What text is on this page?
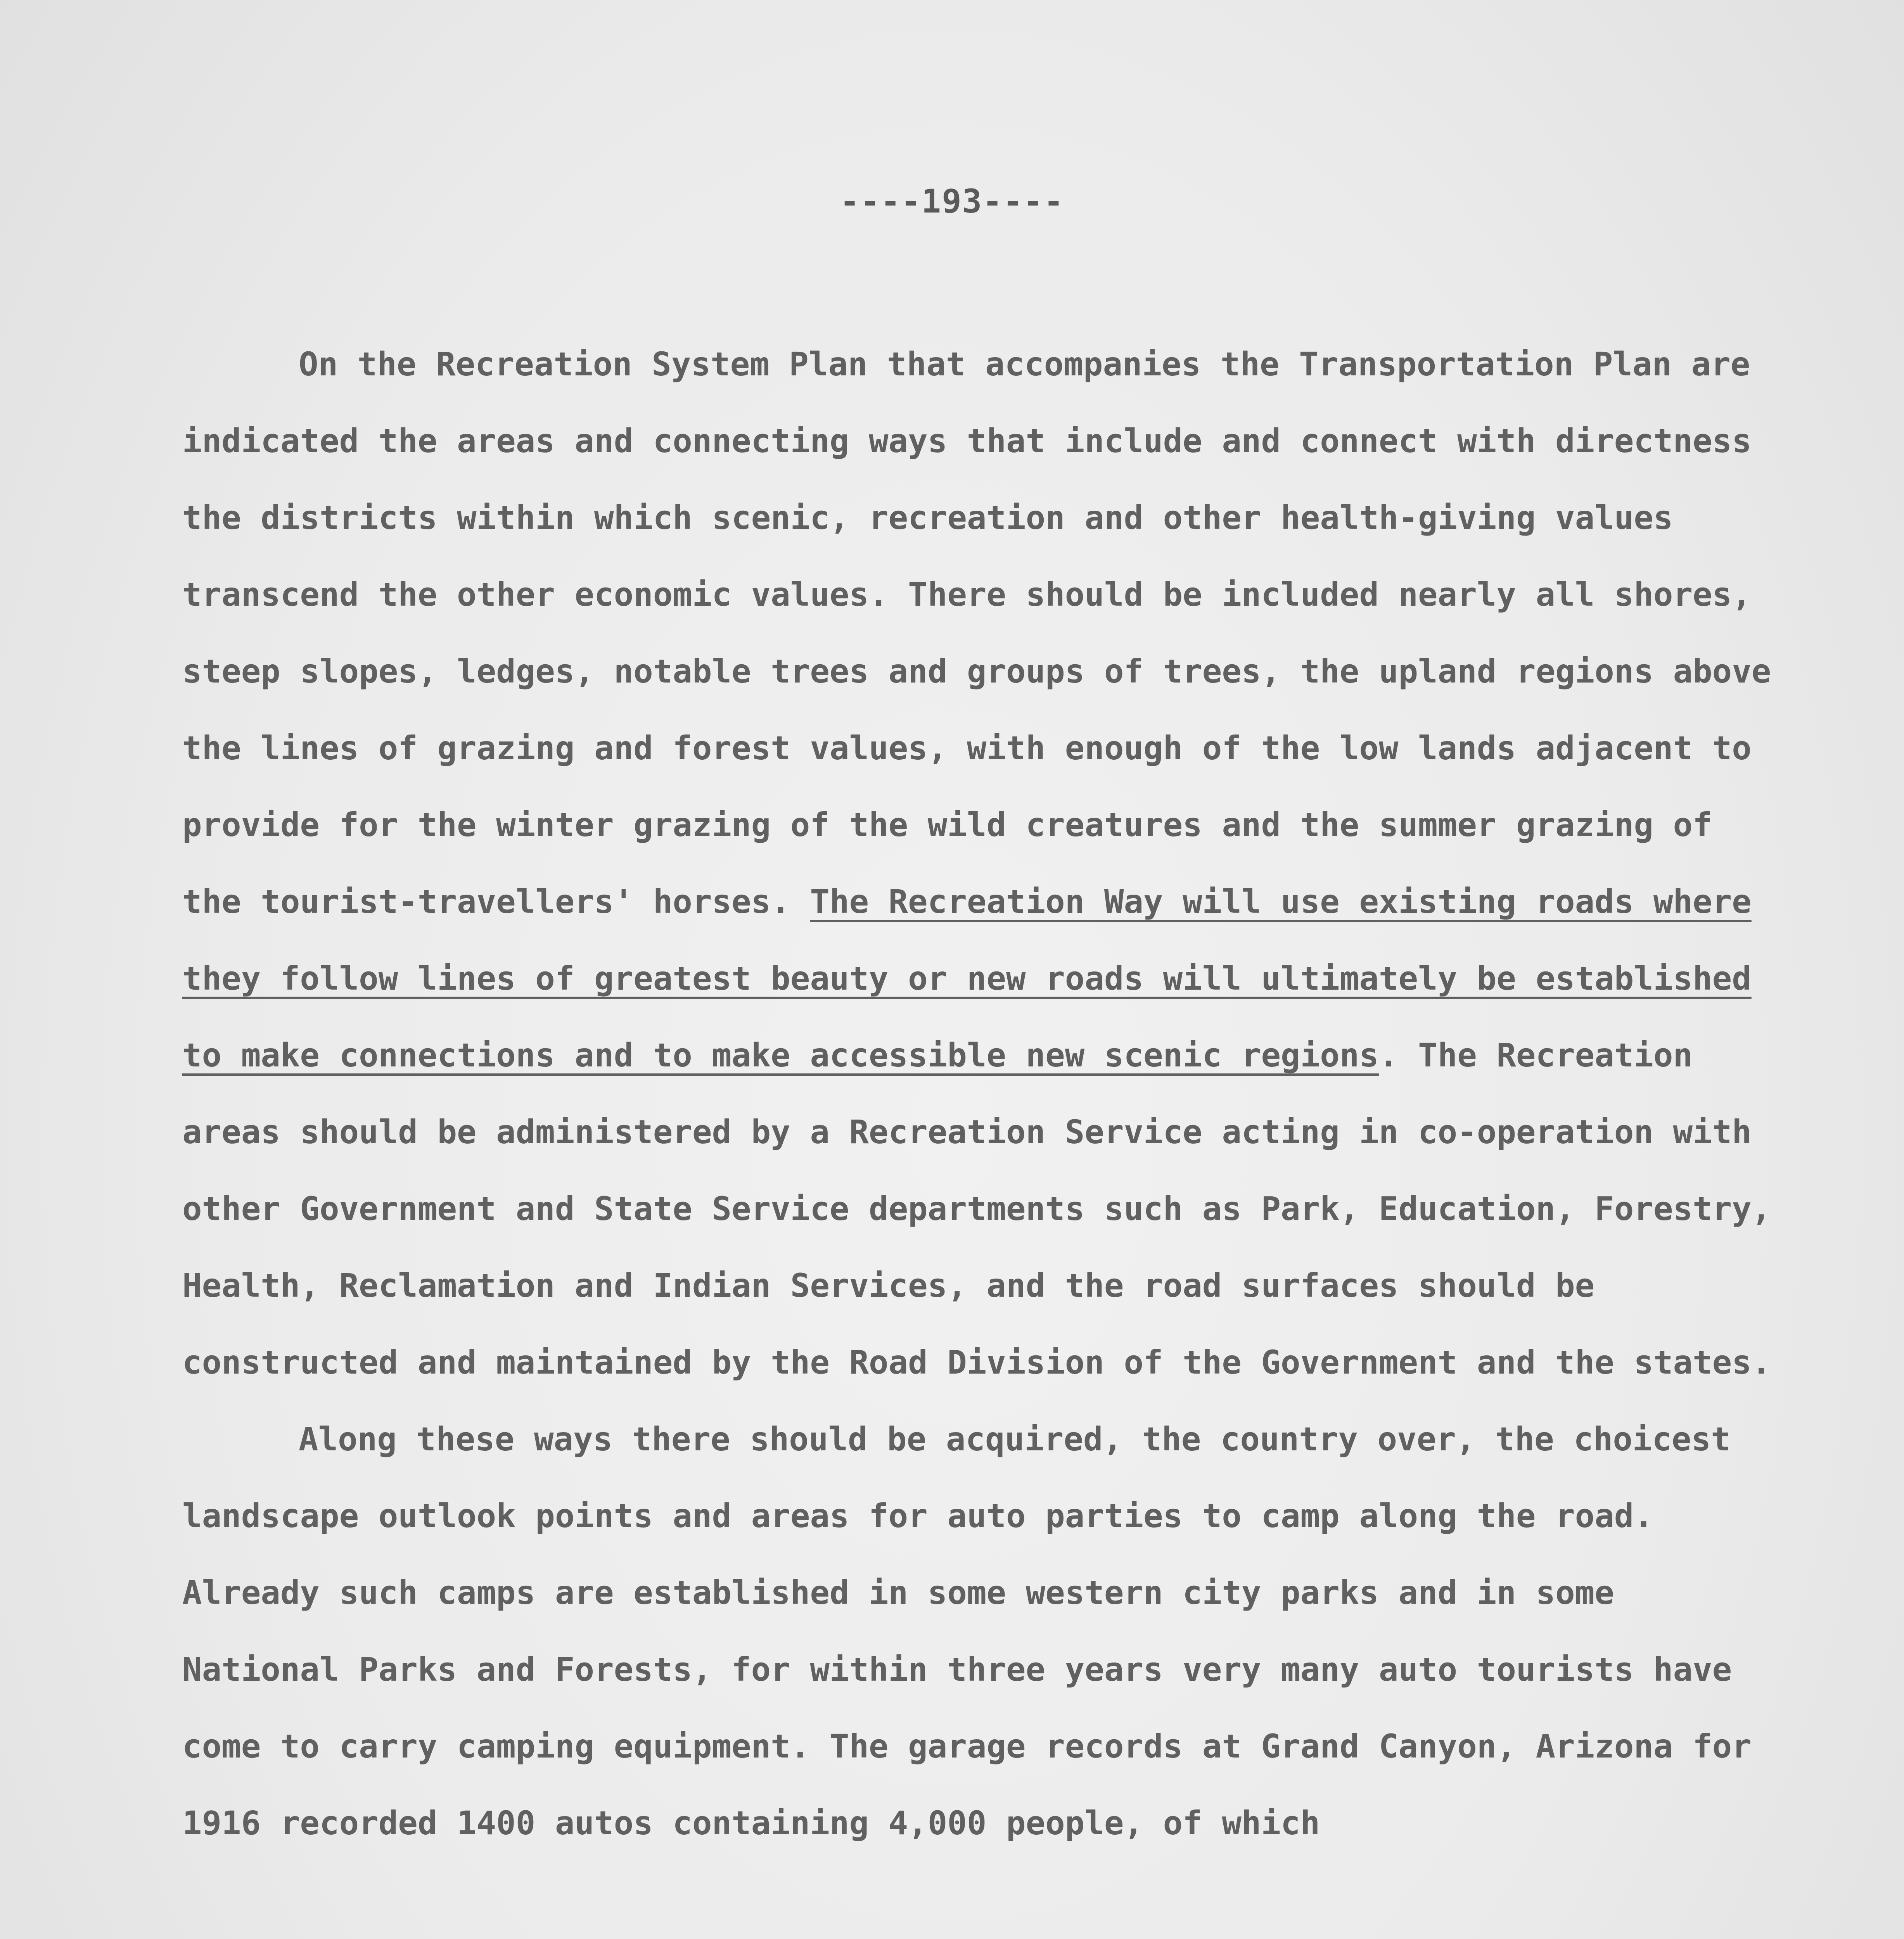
----193----

On the Recreation System Plan that accompanies the Transportation Plan are indicated the areas and connecting ways that include and connect with directness the districts within which scenic, recreation and other health-giving values transcend the other economic values. There should be included nearly all shores, steep slopes, ledges, notable trees and groups of trees, the upland regions above the lines of grazing and forest values, with enough of the low lands adjacent to provide for the winter grazing of the wild creatures and the summer grazing of the tourist-travellers' horses. The Recreation Way will use existing roads where they follow lines of greatest beauty or new roads will ultimately be established to make connections and to make accessible new scenic regions. The Recreation areas should be administered by a Recreation Service acting in co-operation with other Government and State Service departments such as Park, Education, Forestry, Health, Reclamation and Indian Services, and the road surfaces should be constructed and maintained by the Road Division of the Government and the states.

Along these ways there should be acquired, the country over, the choicest landscape outlook points and areas for auto parties to camp along the road. Already such camps are established in some western city parks and in some National Parks and Forests, for within three years very many auto tourists have come to carry camping equipment. The garage records at Grand Canyon, Arizona for 1916 recorded 1400 autos containing 4,000 people, of which
